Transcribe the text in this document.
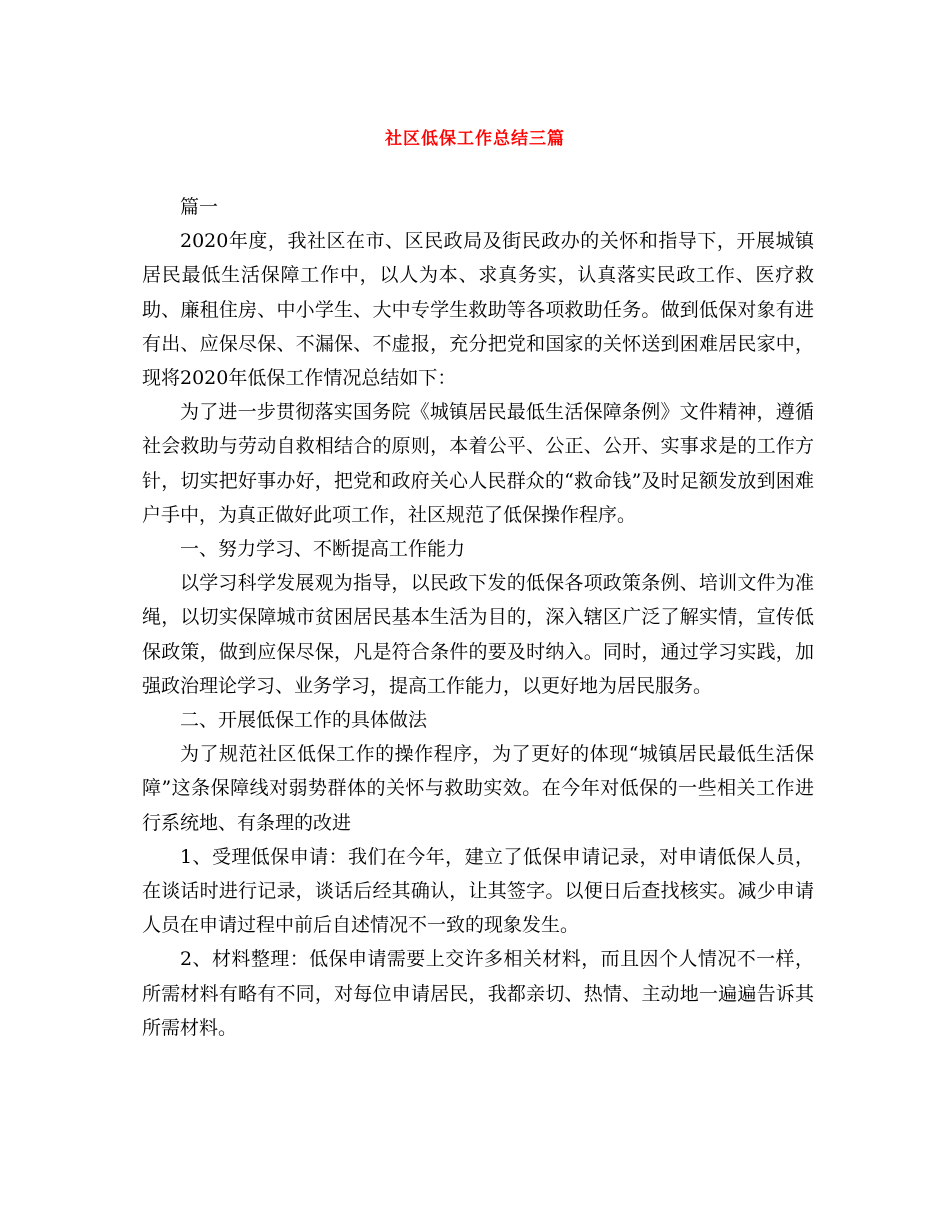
社区低保工作总结三篇

篇一

2020年度，我社区在市、区民政局及街民政办的关怀和指导下，开展城镇居民最低生活保障工作中，以人为本、求真务实，认真落实民政工作、医疗救助、廉租住房、中小学生、大中专学生救助等各项救助任务。做到低保对象有进有出、应保尽保、不漏保、不虚报，充分把党和国家的关怀送到困难居民家中，现将2020年低保工作情况总结如下：

为了进一步贯彻落实国务院《城镇居民最低生活保障条例》文件精神，遵循社会救助与劳动自救相结合的原则，本着公平、公正、公开、实事求是的工作方针，切实把好事办好，把党和政府关心人民群众的“救命钱”及时足额发放到困难户手中，为真正做好此项工作，社区规范了低保操作程序。

一、努力学习、不断提高工作能力

以学习科学发展观为指导，以民政下发的低保各项政策条例、培训文件为准绳，以切实保障城市贫困居民基本生活为目的，深入辖区广泛了解实情，宣传低保政策，做到应保尽保，凡是符合条件的要及时纳入。同时，通过学习实践，加强政治理论学习、业务学习，提高工作能力，以更好地为居民服务。

二、开展低保工作的具体做法

为了规范社区低保工作的操作程序，为了更好的体现“城镇居民最低生活保障”这条保障线对弱势群体的关怀与救助实效。在今年对低保的一些相关工作进行系统地、有条理的改进

1、受理低保申请：我们在今年，建立了低保申请记录，对申请低保人员，在谈话时进行记录，谈话后经其确认，让其签字。以便日后查找核实。减少申请人员在申请过程中前后自述情况不一致的现象发生。

2、材料整理：低保申请需要上交许多相关材料，而且因个人情况不一样，所需材料有略有不同，对每位申请居民，我都亲切、热情、主动地一遍遍告诉其所需材料。
